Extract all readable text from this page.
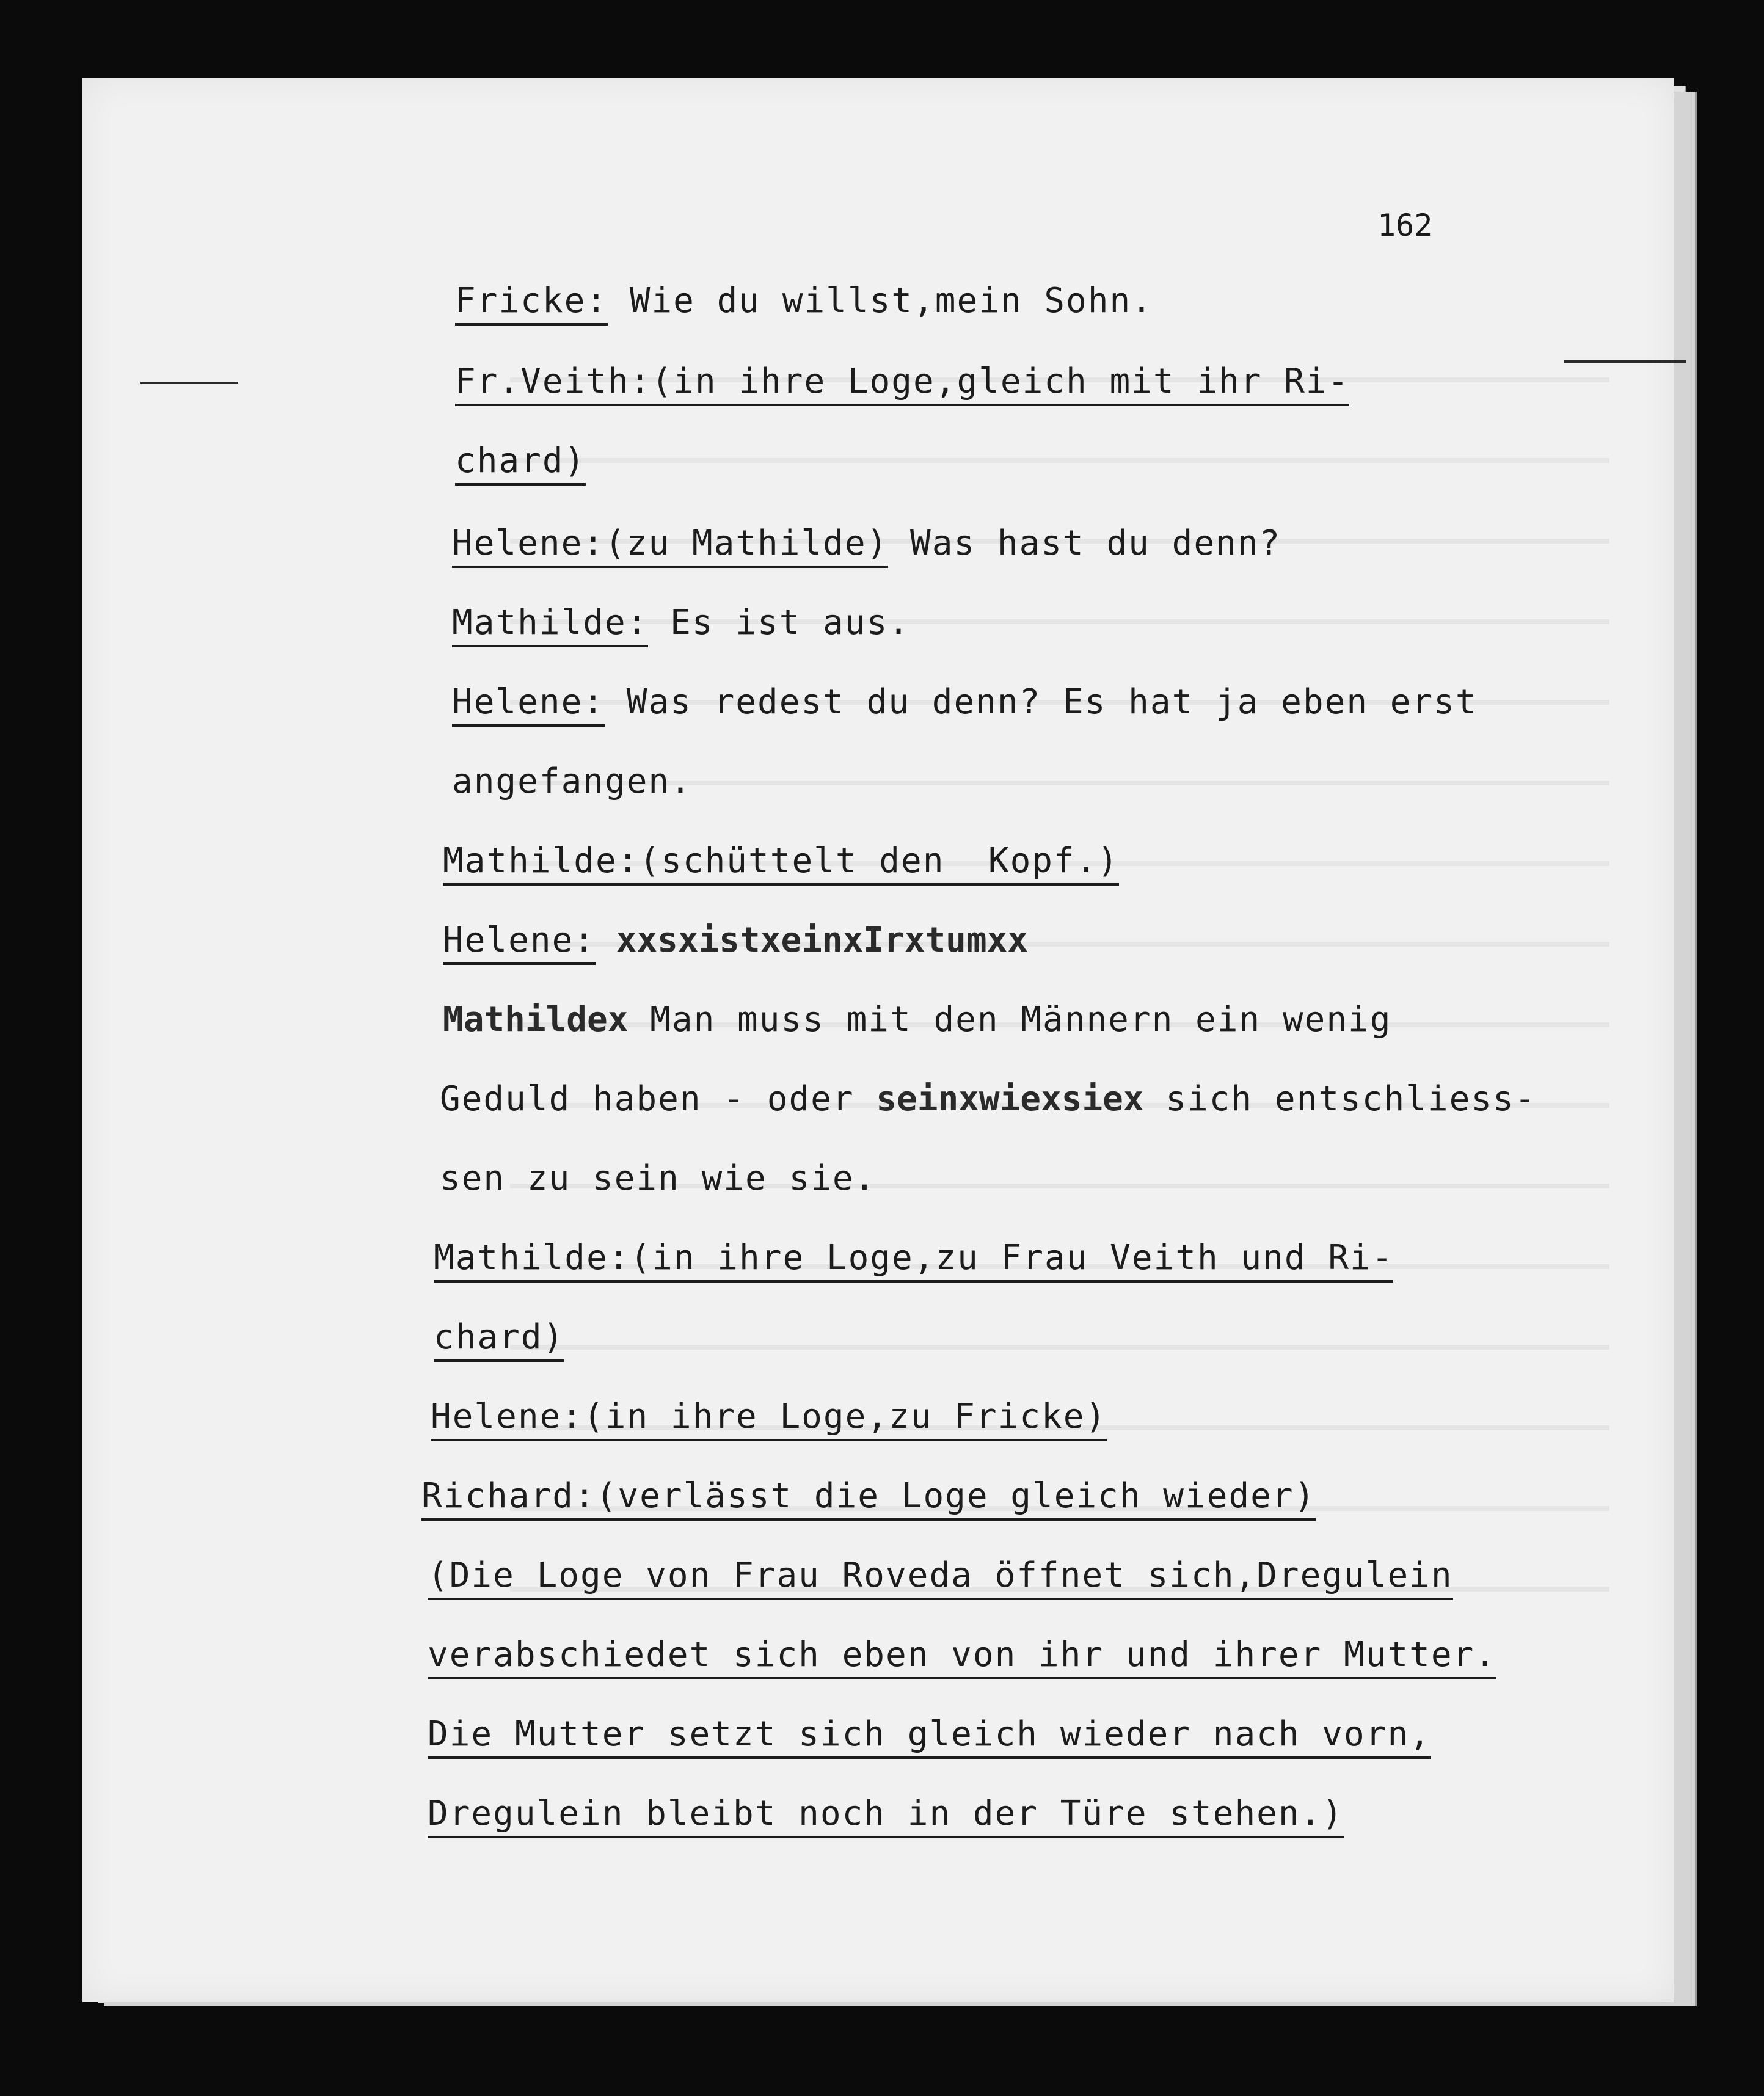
162
Fricke: Wie du willst,mein Sohn.
Fr.Veith:(in ihre Loge,gleich mit ihr Ri-
chard)
Helene:(zu Mathilde) Was hast du denn?
Mathilde: Es ist aus.
Helene: Was redest du denn? Es hat ja eben erst
angefangen.
Mathilde:(schüttelt den  Kopf.)
Helene: xxsxistxeinxIrxtumxx
Mathildex Man muss mit den Männern ein wenig
Geduld haben - oder seinxwiexsiex sich entschliess-
sen zu sein wie sie.
Mathilde:(in ihre Loge,zu Frau Veith und Ri-
chard)
Helene:(in ihre Loge,zu Fricke)
Richard:(verlässt die Loge gleich wieder)
(Die Loge von Frau Roveda öffnet sich,Dregulein
verabschiedet sich eben von ihr und ihrer Mutter.
Die Mutter setzt sich gleich wieder nach vorn,
Dregulein bleibt noch in der Türe stehen.)
